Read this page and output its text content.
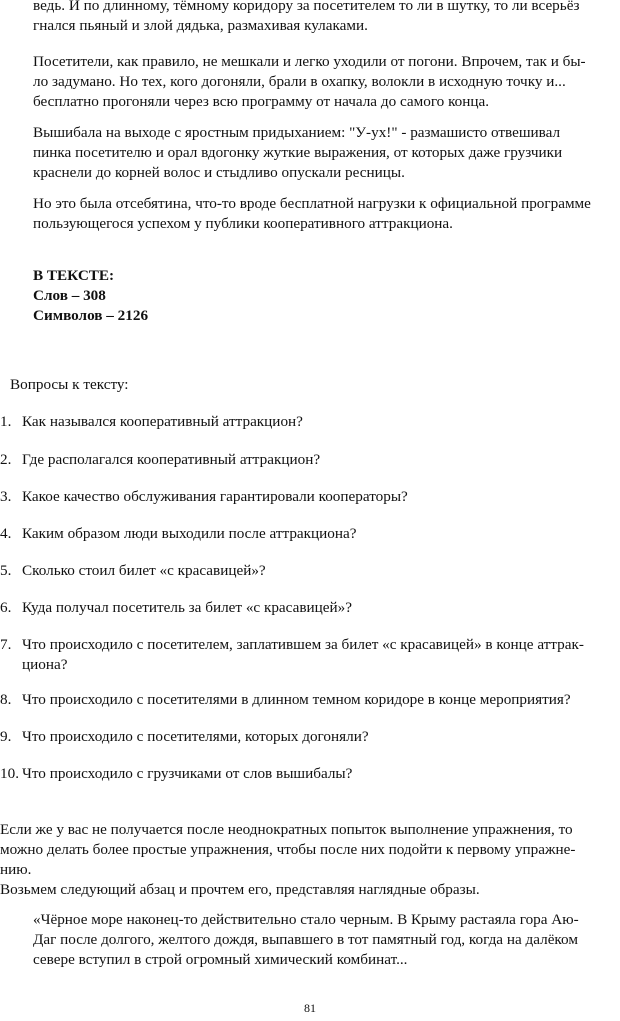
ведь. И по длинному, тёмному коридору за посетителем то ли в шутку, то ли всерьёз
гнался пьяный и злой дядька, размахивая кулаками.
Посетители, как правило, не мешкали и легко уходили от погони. Впрочем, так и бы-
ло задумано. Но тех, кого догоняли, брали в охапку, волокли в исходную точку и...
бесплатно прогоняли через всю программу от начала до самого конца.
Вышибала на выходе с яростным придыханием: "У-ух!" - размашисто отвешивал
пинка посетителю и орал вдогонку жуткие выражения, от которых даже грузчики
краснели до корней волос и стыдливо опускали ресницы.
Но это была отсебятина, что-то вроде бесплатной нагрузки к официальной программе
пользующегося успехом у публики кооперативного аттракциона.
В ТЕКСТЕ:
Слов – 308
Символов – 2126
Вопросы к тексту:
1. Как назывался кооперативный аттракцион?
2. Где располагался кооперативный аттракцион?
3. Какое качество обслуживания гарантировали кооператоры?
4. Каким образом люди выходили после аттракциона?
5. Сколько стоил билет «с красавицей»?
6. Куда получал посетитель за билет «с красавицей»?
7. Что происходило с посетителем, заплатившем за билет «с красавицей» в конце аттрак-
циона?
8. Что происходило с посетителями в длинном темном коридоре в конце мероприятия?
9. Что происходило с посетителями, которых догоняли?
10. Что происходило с грузчиками от слов вышибалы?
Если же у вас не получается после неоднократных попыток выполнение упражнения, то
можно делать более простые упражнения, чтобы после них подойти к первому упражне-
нию.
Возьмем следующий абзац и прочтем его, представляя наглядные образы.
«Чёрное море наконец-то действительно стало черным. В Крыму растаяла гора Аю-
Даг после долгого, желтого дождя, выпавшего в тот памятный год, когда на далёком
севере вступил в строй огромный химический комбинат...
81
